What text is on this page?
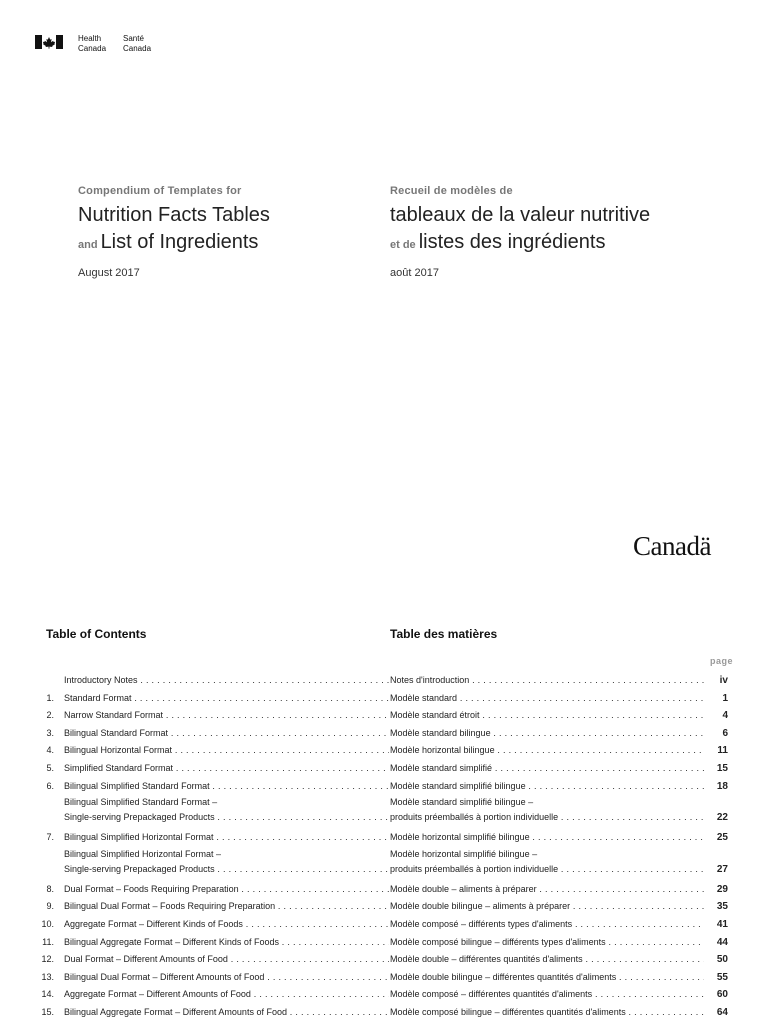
Health
Canada
Santé
Canada
Compendium of Templates for
Nutrition Facts Tables
and List of Ingredients
August 2017
Recueil de modèles de
tableaux de la valeur nutritive
et de listes des ingrédients
août 2017
Canadä
Table of Contents	Table des matières
page
Introductory Notes . . .	Notes d'introduction . . .	iv
1. Standard Format . . .	Modèle standard . . .	1
2. Narrow Standard Format . . .	Modèle standard étroit . . .	4
3. Bilingual Standard Format . . .	Modèle standard bilingue . . .	6
4. Bilingual Horizontal Format . . .	Modèle horizontal bilingue . . .	11
5. Simplified Standard Format . . .	Modèle standard simplifié . . .	15
6. Bilingual Simplified Standard Format . . .	Modèle standard simplifié bilingue . . .	18
Bilingual Simplified Standard Format –	Modèle standard simplifié bilingue –
Single-serving Prepackaged Products . . .	produits préemballés à portion individuelle . . .	22
7. Bilingual Simplified Horizontal Format . . .	Modèle horizontal simplifié bilingue . . .	25
Bilingual Simplified Horizontal Format –	Modèle horizontal simplifié bilingue –
Single-serving Prepackaged Products . . .	produits préemballés à portion individuelle . . .	27
8. Dual Format – Foods Requiring Preparation . . .	Modèle double – aliments à préparer . . .	29
9. Bilingual Dual Format – Foods Requiring Preparation . . .	Modèle double bilingue – aliments à préparer . . .	35
10. Aggregate Format – Different Kinds of Foods . . .	Modèle composé – différents types d'aliments . . .	41
11. Bilingual Aggregate Format – Different Kinds of Foods . . .	Modèle composé bilingue – différents types d'aliments . . .	44
12. Dual Format – Different Amounts of Food . . .	Modèle double – différentes quantités d'aliments . . .	50
13. Bilingual Dual Format – Different Amounts of Food . . .	Modèle double bilingue – différentes quantités d'aliments . . .	55
14. Aggregate Format – Different Amounts of Food . . .	Modèle composé – différentes quantités d'aliments . . .	60
15. Bilingual Aggregate Format – Different Amounts of Food . . .	Modèle composé bilingue – différentes quantités d'aliments . . .	64
